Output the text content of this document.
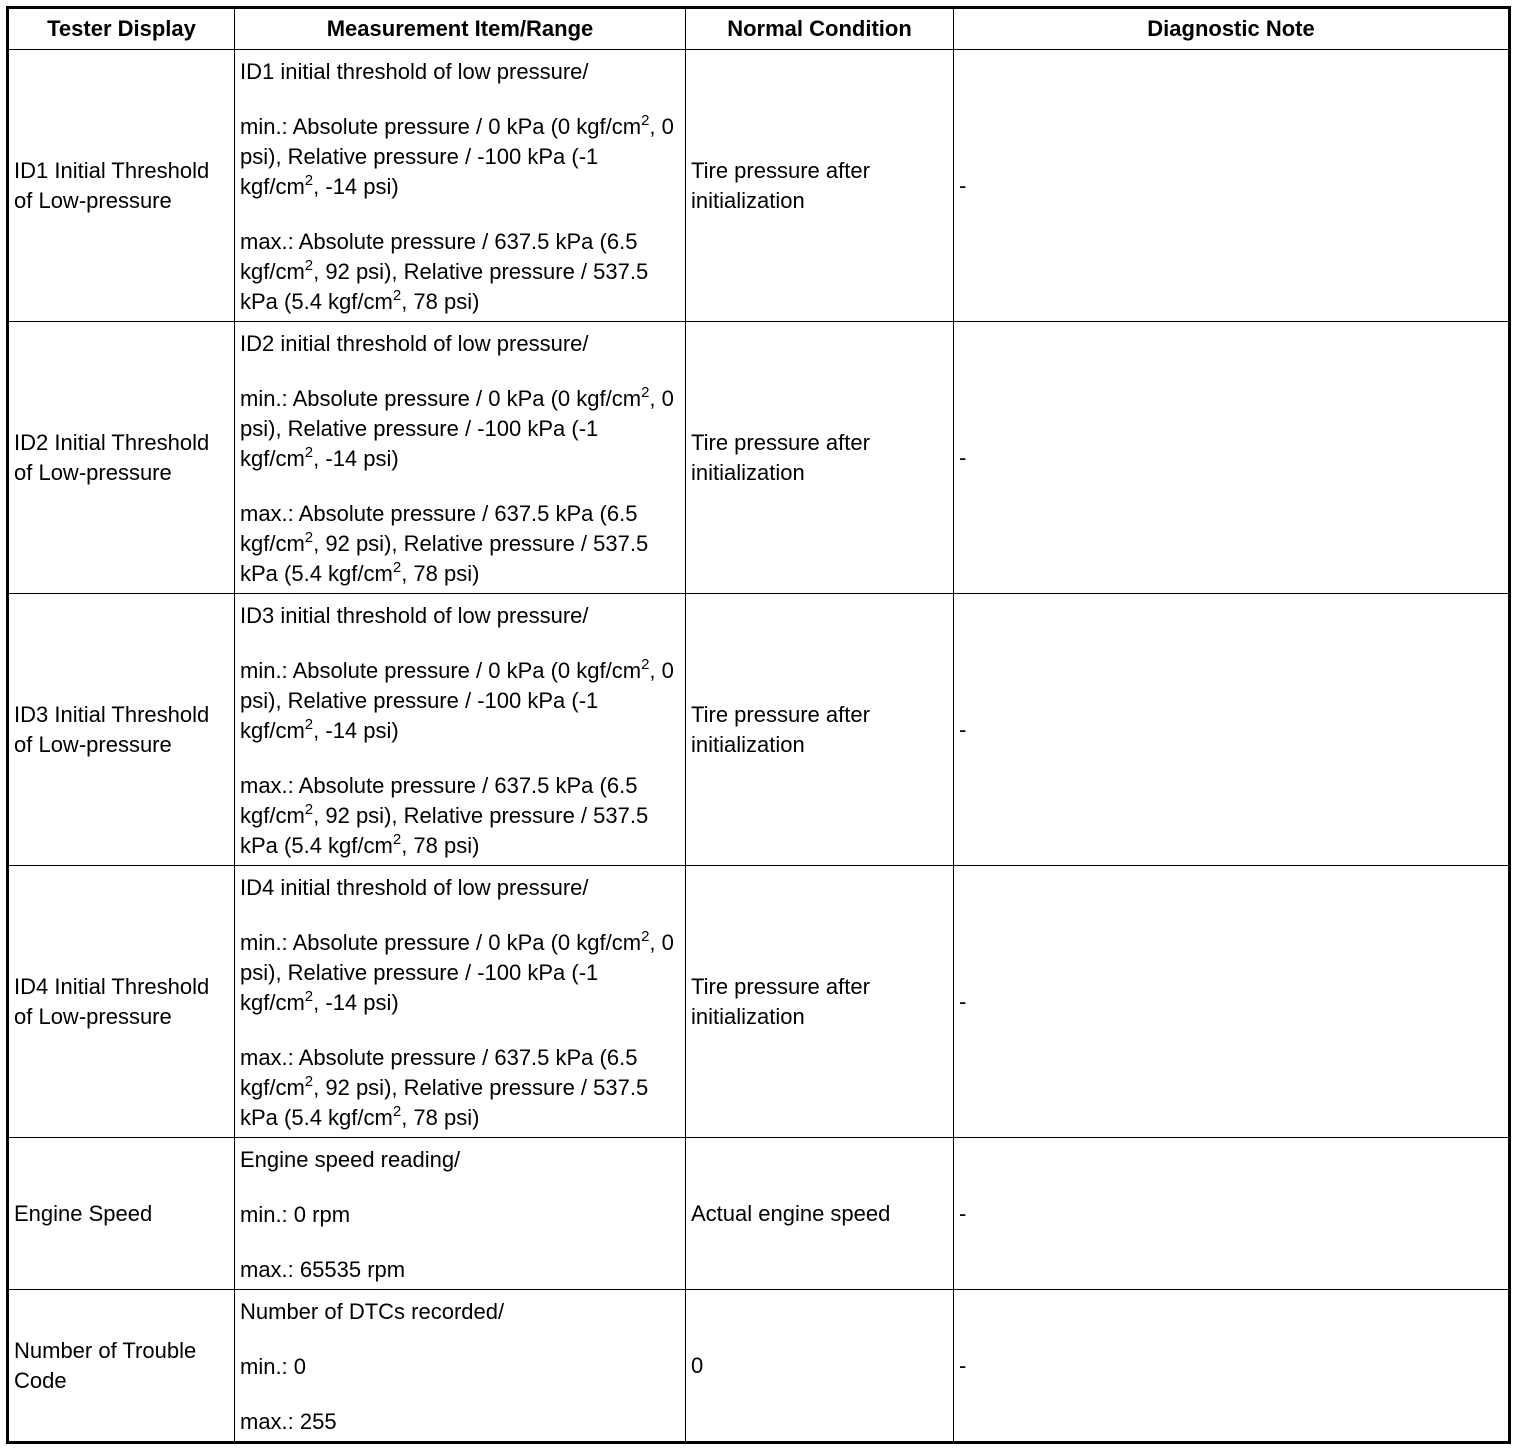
Tester Display	Measurement Item/Range	Normal Condition	Diagnostic Note
ID1 Initial Threshold of Low-pressure	ID1 initial threshold of low pressure/

min.: Absolute pressure / 0 kPa (0 kgf/$cm^2$, 0 psi), Relative pressure / -100 kPa (-1 kgf/$cm^2$, -14 psi)

max.: Absolute pressure / 637.5 kPa (6.5 kgf/$cm^2$, 92 psi), Relative pressure / 537.5 kPa (5.4 kgf/$cm^2$, 78 psi)	Tire pressure after initialization	-
ID2 Initial Threshold of Low-pressure	ID2 initial threshold of low pressure/

min.: Absolute pressure / 0 kPa (0 kgf/$cm^2$, 0 psi), Relative pressure / -100 kPa (-1 kgf/$cm^2$, -14 psi)

max.: Absolute pressure / 637.5 kPa (6.5 kgf/$cm^2$, 92 psi), Relative pressure / 537.5 kPa (5.4 kgf/$cm^2$, 78 psi)	Tire pressure after initialization	-
ID3 Initial Threshold of Low-pressure	ID3 initial threshold of low pressure/

min.: Absolute pressure / 0 kPa (0 kgf/$cm^2$, 0 psi), Relative pressure / -100 kPa (-1 kgf/$cm^2$, -14 psi)

max.: Absolute pressure / 637.5 kPa (6.5 kgf/$cm^2$, 92 psi), Relative pressure / 537.5 kPa (5.4 kgf/$cm^2$, 78 psi)	Tire pressure after initialization	-
ID4 Initial Threshold of Low-pressure	ID4 initial threshold of low pressure/

min.: Absolute pressure / 0 kPa (0 kgf/$cm^2$, 0 psi), Relative pressure / -100 kPa (-1 kgf/$cm^2$, -14 psi)

max.: Absolute pressure / 637.5 kPa (6.5 kgf/$cm^2$, 92 psi), Relative pressure / 537.5 kPa (5.4 kgf/$cm^2$, 78 psi)	Tire pressure after initialization	-
Engine Speed	Engine speed reading/

min.: 0 rpm

max.: 65535 rpm	Actual engine speed	-
Number of Trouble Code	Number of DTCs recorded/

min.: 0

max.: 255	0	-
